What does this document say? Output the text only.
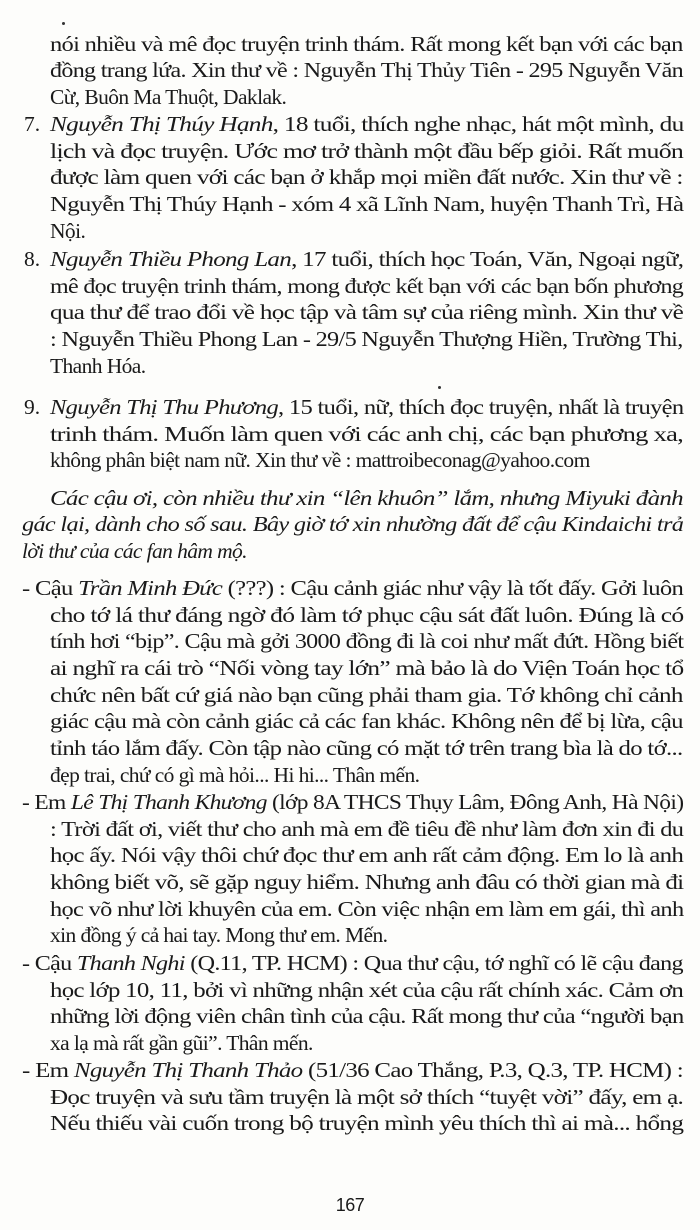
nói nhiều và mê đọc truyện trinh thám. Rất mong kết bạn với các bạn
đồng trang lứa. Xin thư về : Nguyễn Thị Thủy Tiên - 295 Nguyễn Văn
Cừ, Buôn Ma Thuột, Daklak.
7. Nguyễn Thị Thúy Hạnh, 18 tuổi, thích nghe nhạc, hát một mình, du
lịch và đọc truyện. Ước mơ trở thành một đầu bếp giỏi. Rất muốn
được làm quen với các bạn ở khắp mọi miền đất nước. Xin thư về :
Nguyễn Thị Thúy Hạnh - xóm 4 xã Lĩnh Nam, huyện Thanh Trì, Hà
Nội.
8. Nguyễn Thiều Phong Lan, 17 tuổi, thích học Toán, Văn, Ngoại ngữ,
mê đọc truyện trinh thám, mong được kết bạn với các bạn bốn phương
qua thư để trao đổi về học tập và tâm sự của riêng mình. Xin thư về
: Nguyễn Thiều Phong Lan - 29/5 Nguyễn Thượng Hiền, Trường Thi,
Thanh Hóa.
9. Nguyễn Thị Thu Phương, 15 tuổi, nữ, thích đọc truyện, nhất là truyện
trinh thám. Muốn làm quen với các anh chị, các bạn phương xa,
không phân biệt nam nữ. Xin thư về : mattroibeconag@yahoo.com
Các cậu ơi, còn nhiều thư xin “lên khuôn” lắm, nhưng Miyuki đành
gác lại, dành cho số sau. Bây giờ tớ xin nhường đất để cậu Kindaichi trả
lời thư của các fan hâm mộ.
- Cậu Trần Minh Đức (???) : Cậu cảnh giác như vậy là tốt đấy. Gởi luôn
cho tớ lá thư đáng ngờ đó làm tớ phục cậu sát đất luôn. Đúng là có
tính hơi “bịp”. Cậu mà gởi 3000 đồng đi là coi như mất đứt. Hồng biết
ai nghĩ ra cái trò “Nối vòng tay lớn” mà bảo là do Viện Toán học tổ
chức nên bất cứ giá nào bạn cũng phải tham gia. Tớ không chỉ cảnh
giác cậu mà còn cảnh giác cả các fan khác. Không nên để bị lừa, cậu
tỉnh táo lắm đấy. Còn tập nào cũng có mặt tớ trên trang bìa là do tớ...
đẹp trai, chứ có gì mà hỏi... Hi hi... Thân mến.
- Em Lê Thị Thanh Khương (lớp 8A THCS Thụy Lâm, Đông Anh, Hà Nội)
: Trời đất ơi, viết thư cho anh mà em đề tiêu đề như làm đơn xin đi du
học ấy. Nói vậy thôi chứ đọc thư em anh rất cảm động. Em lo là anh
không biết võ, sẽ gặp nguy hiểm. Nhưng anh đâu có thời gian mà đi
học võ như lời khuyên của em. Còn việc nhận em làm em gái, thì anh
xin đồng ý cả hai tay. Mong thư em. Mến.
- Cậu Thanh Nghi (Q.11, TP. HCM) : Qua thư cậu, tớ nghĩ có lẽ cậu đang
học lớp 10, 11, bởi vì những nhận xét của cậu rất chính xác. Cảm ơn
những lời động viên chân tình của cậu. Rất mong thư của “người bạn
xa lạ mà rất gần gũi”. Thân mến.
- Em Nguyễn Thị Thanh Thảo (51/36 Cao Thắng, P.3, Q.3, TP. HCM) :
Đọc truyện và sưu tầm truyện là một sở thích “tuyệt vời” đấy, em ạ.
Nếu thiếu vài cuốn trong bộ truyện mình yêu thích thì ai mà... hổng
167
